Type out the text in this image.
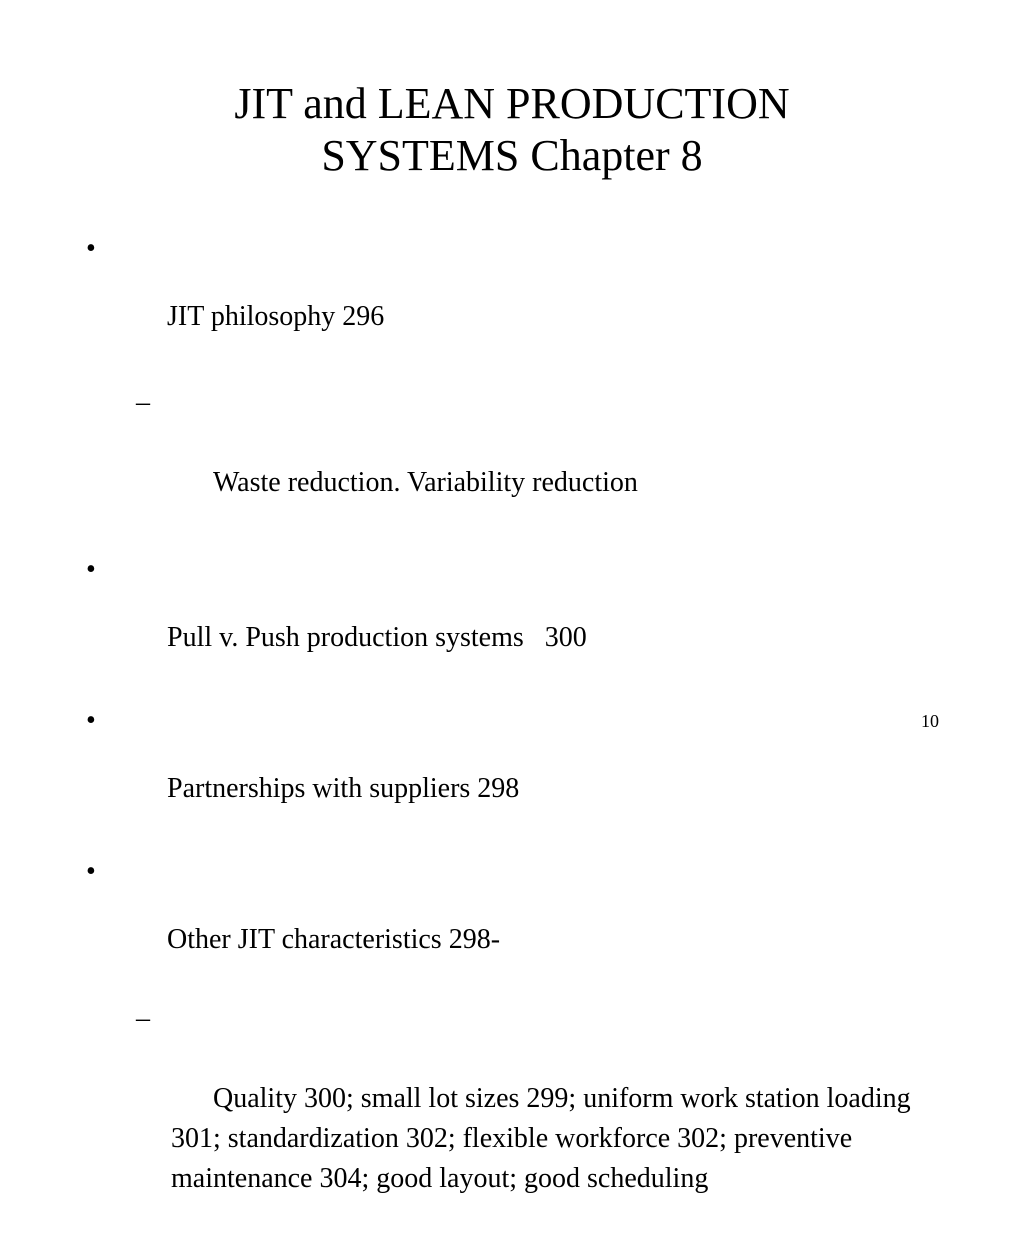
JIT and LEAN PRODUCTION
SYSTEMS Chapter 8

•

JIT philosophy 296

–

Waste reduction. Variability reduction

•

Pull v. Push production systems   300

•

Partnerships with suppliers 298

•

Other JIT characteristics 298-

–

Quality 300; small lot sizes 299; uniform work station loading 301; standardization 302; flexible workforce 302; preventive maintenance 304; good layout; good scheduling

10
